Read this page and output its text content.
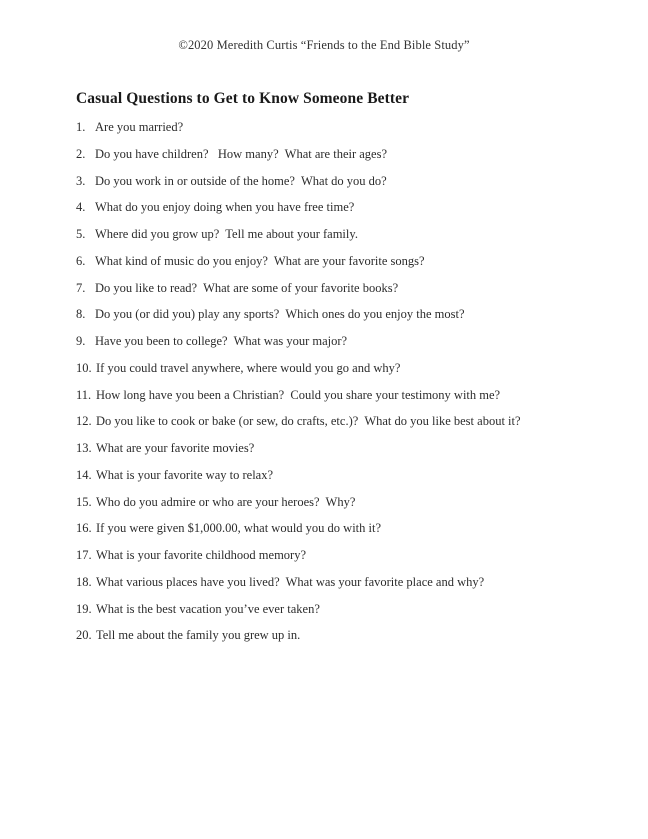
©2020 Meredith Curtis “Friends to the End Bible Study”
Casual Questions to Get to Know Someone Better
1. Are you married?
2. Do you have children?   How many?  What are their ages?
3. Do you work in or outside of the home?  What do you do?
4. What do you enjoy doing when you have free time?
5. Where did you grow up?  Tell me about your family.
6. What kind of music do you enjoy?  What are your favorite songs?
7. Do you like to read?  What are some of your favorite books?
8. Do you (or did you) play any sports?  Which ones do you enjoy the most?
9. Have you been to college?  What was your major?
10. If you could travel anywhere, where would you go and why?
11. How long have you been a Christian?  Could you share your testimony with me?
12. Do you like to cook or bake (or sew, do crafts, etc.)?  What do you like best about it?
13. What are your favorite movies?
14. What is your favorite way to relax?
15. Who do you admire or who are your heroes?  Why?
16. If you were given $1,000.00, what would you do with it?
17. What is your favorite childhood memory?
18. What various places have you lived?  What was your favorite place and why?
19. What is the best vacation you’ve ever taken?
20. Tell me about the family you grew up in.
